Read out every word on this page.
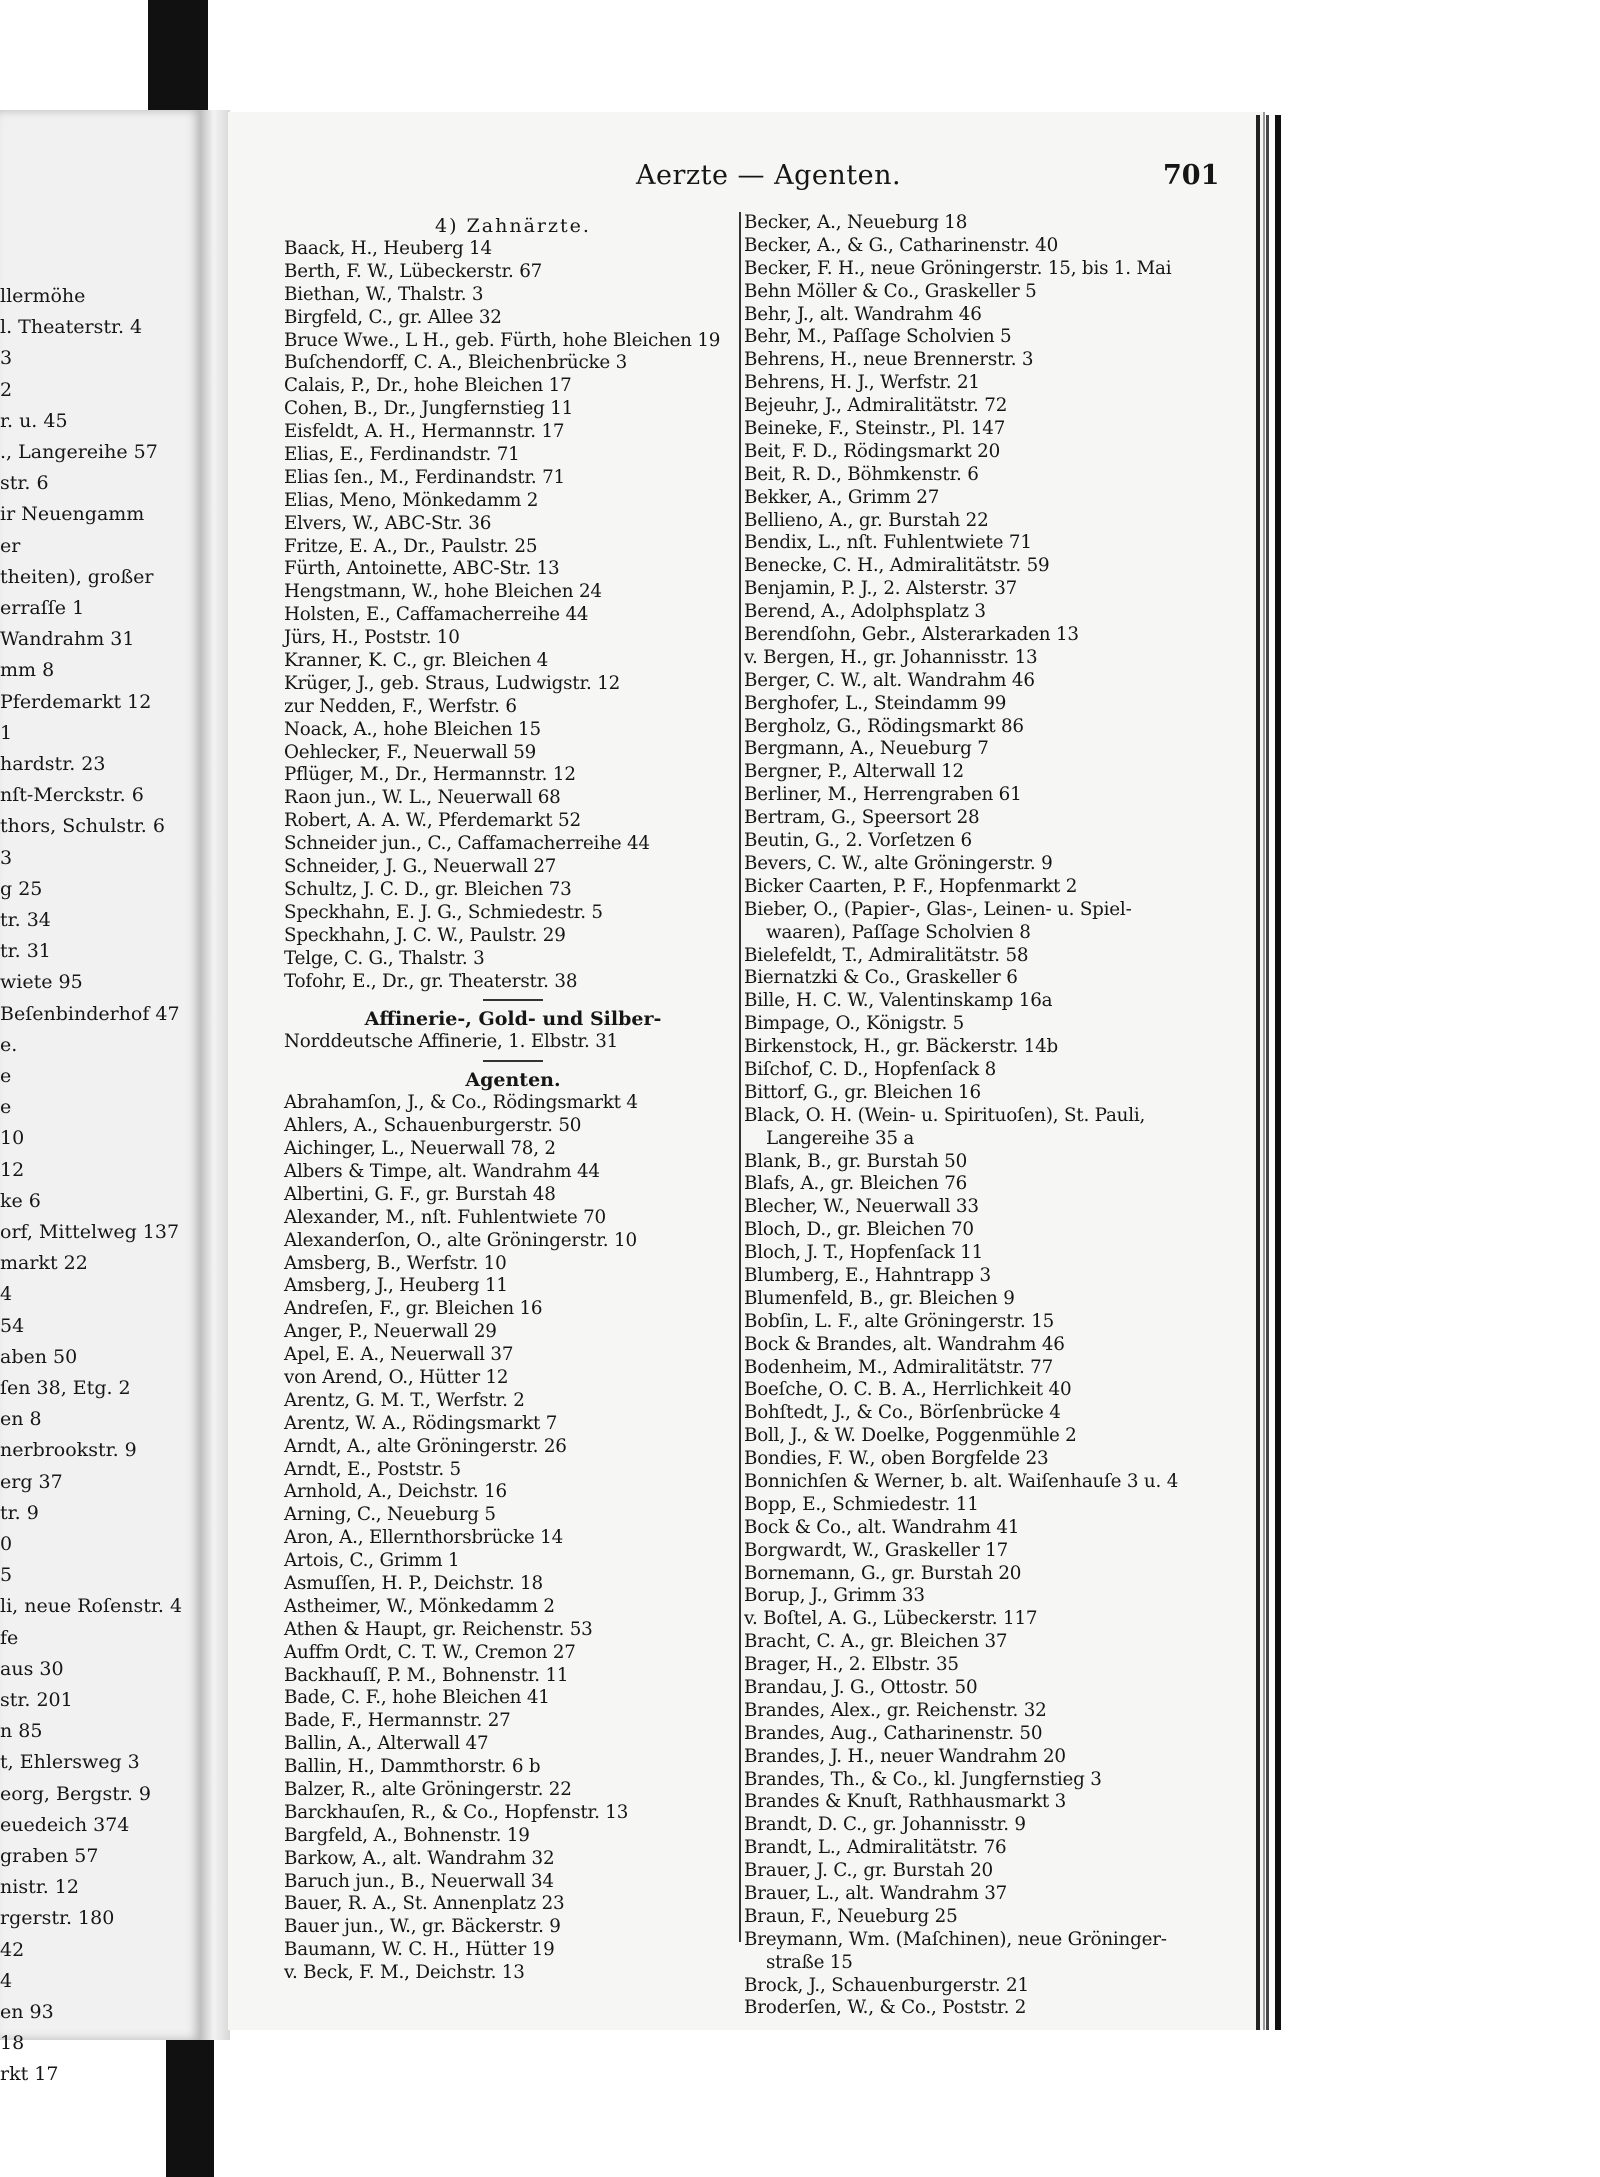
llermöhe
l. Theaterstr. 4
3
2
r. u. 45
., Langereihe 57
str. 6
ir Neuengamm
er
theiten), großer
erraſſe 1
Wandrahm 31
mm 8
Pferdemarkt 12
1
hardstr. 23
nſt-Merckstr. 6
thors, Schulstr. 6
3
g 25
tr. 34
tr. 31
wiete 95
Beſenbinderhof 47
e.
e
e
10
12
ke 6
orf, Mittelweg 137
markt 22
4
54
aben 50
ſen 38, Etg. 2
en 8
nerbrookstr. 9
erg 37
tr. 9
0
5
li, neue Roſenstr. 4
fe
aus 30
str. 201
n 85
t, Ehlersweg 3
eorg, Bergstr. 9
euedeich 374
graben 57
nistr. 12
rgerstr. 180
42
4
en 93
18
rkt 17
Aerzte — Agenten.	701
4) Zahnärzte.
Baack, H., Heuberg 14
Berth, F. W., Lübeckerstr. 67
Biethan, W., Thalstr. 3
Birgfeld, C., gr. Allee 32
Bruce Wwe., L H., geb. Fürth, hohe Bleichen 19
Buſchendorff, C. A., Bleichenbrücke 3
Calais, P., Dr., hohe Bleichen 17
Cohen, B., Dr., Jungfernstieg 11
Eisfeldt, A. H., Hermannstr. 17
Elias, E., Ferdinandstr. 71
Elias ſen., M., Ferdinandstr. 71
Elias, Meno, Mönkedamm 2
Elvers, W., ABC-Str. 36
Fritze, E. A., Dr., Paulstr. 25
Fürth, Antoinette, ABC-Str. 13
Hengstmann, W., hohe Bleichen 24
Holsten, E., Caffamacherreihe 44
Jürs, H., Poststr. 10
Kranner, K. C., gr. Bleichen 4
Krüger, J., geb. Straus, Ludwigstr. 12
zur Nedden, F., Werfstr. 6
Noack, A., hohe Bleichen 15
Oehlecker, F., Neuerwall 59
Pflüger, M., Dr., Hermannstr. 12
Raon jun., W. L., Neuerwall 68
Robert, A. A. W., Pferdemarkt 52
Schneider jun., C., Caffamacherreihe 44
Schneider, J. G., Neuerwall 27
Schultz, J. C. D., gr. Bleichen 73
Speckhahn, E. J. G., Schmiedestr. 5
Speckhahn, J. C. W., Paulstr. 29
Telge, C. G., Thalstr. 3
Tofohr, E., Dr., gr. Theaterstr. 38
Affinerie-, Gold- und Silber-
Norddeutsche Affinerie, 1. Elbstr. 31
Agenten.
Abrahamſon, J., & Co., Rödingsmarkt 4
Ahlers, A., Schauenburgerstr. 50
Aichinger, L., Neuerwall 78, 2
Albers & Timpe, alt. Wandrahm 44
Albertini, G. F., gr. Burstah 48
Alexander, M., nſt. Fuhlentwiete 70
Alexanderſon, O., alte Gröningerstr. 10
Amsberg, B., Werfstr. 10
Amsberg, J., Heuberg 11
Andreſen, F., gr. Bleichen 16
Anger, P., Neuerwall 29
Apel, E. A., Neuerwall 37
von Arend, O., Hütter 12
Arentz, G. M. T., Werfstr. 2
Arentz, W. A., Rödingsmarkt 7
Arndt, A., alte Gröningerstr. 26
Arndt, E., Poststr. 5
Arnhold, A., Deichstr. 16
Arning, C., Neueburg 5
Aron, A., Ellernthorsbrücke 14
Artois, C., Grimm 1
Asmuſſen, H. P., Deichstr. 18
Astheimer, W., Mönkedamm 2
Athen & Haupt, gr. Reichenstr. 53
Auffm Ordt, C. T. W., Cremon 27
Backhauſſ, P. M., Bohnenstr. 11
Bade, C. F., hohe Bleichen 41
Bade, F., Hermannstr. 27
Ballin, A., Alterwall 47
Ballin, H., Dammthorstr. 6 b
Balzer, R., alte Gröningerstr. 22
Barckhauſen, R., & Co., Hopfenstr. 13
Bargfeld, A., Bohnenstr. 19
Barkow, A., alt. Wandrahm 32
Baruch jun., B., Neuerwall 34
Bauer, R. A., St. Annenplatz 23
Bauer jun., W., gr. Bäckerstr. 9
Baumann, W. C. H., Hütter 19
v. Beck, F. M., Deichstr. 13
Becker, A., Neueburg 18
Becker, A., & G., Catharinenstr. 40
Becker, F. H., neue Gröningerstr. 15, bis 1. Mai
Behn Möller & Co., Graskeller 5
Behr, J., alt. Wandrahm 46
Behr, M., Paſſage Scholvien 5
Behrens, H., neue Brennerstr. 3
Behrens, H. J., Werfstr. 21
Bejeuhr, J., Admiralitätstr. 72
Beineke, F., Steinstr., Pl. 147
Beit, F. D., Rödingsmarkt 20
Beit, R. D., Böhmkenstr. 6
Bekker, A., Grimm 27
Bellieno, A., gr. Burstah 22
Bendix, L., nſt. Fuhlentwiete 71
Benecke, C. H., Admiralitätstr. 59
Benjamin, P. J., 2. Alsterstr. 37
Berend, A., Adolphsplatz 3
Berendſohn, Gebr., Alsterarkaden 13
v. Bergen, H., gr. Johannisstr. 13
Berger, C. W., alt. Wandrahm 46
Berghofer, L., Steindamm 99
Bergholz, G., Rödingsmarkt 86
Bergmann, A., Neueburg 7
Bergner, P., Alterwall 12
Berliner, M., Herrengraben 61
Bertram, G., Speersort 28
Beutin, G., 2. Vorſetzen 6
Bevers, C. W., alte Gröningerstr. 9
Bicker Caarten, P. F., Hopfenmarkt 2
Bieber, O., (Papier-, Glas-, Leinen- u. Spiel-
waaren), Paſſage Scholvien 8
Bielefeldt, T., Admiralitätstr. 58
Biernatzki & Co., Graskeller 6
Bille, H. C. W., Valentinskamp 16a
Bimpage, O., Königstr. 5
Birkenstock, H., gr. Bäckerstr. 14b
Biſchof, C. D., Hopfenſack 8
Bittorf, G., gr. Bleichen 16
Black, O. H. (Wein- u. Spirituoſen), St. Pauli,
Langereihe 35 a
Blank, B., gr. Burstah 50
Blafs, A., gr. Bleichen 76
Blecher, W., Neuerwall 33
Bloch, D., gr. Bleichen 70
Bloch, J. T., Hopfenſack 11
Blumberg, E., Hahntrapp 3
Blumenfeld, B., gr. Bleichen 9
Bobſin, L. F., alte Gröningerstr. 15
Bock & Brandes, alt. Wandrahm 46
Bodenheim, M., Admiralitätstr. 77
Boeſche, O. C. B. A., Herrlichkeit 40
Bohſtedt, J., & Co., Börſenbrücke 4
Boll, J., & W. Doelke, Poggenmühle 2
Bondies, F. W., oben Borgfelde 23
Bonnichſen & Werner, b. alt. Waiſenhauſe 3 u. 4
Bopp, E., Schmiedestr. 11
Bock & Co., alt. Wandrahm 41
Borgwardt, W., Graskeller 17
Bornemann, G., gr. Burstah 20
Borup, J., Grimm 33
v. Boſtel, A. G., Lübeckerstr. 117
Bracht, C. A., gr. Bleichen 37
Brager, H., 2. Elbstr. 35
Brandau, J. G., Ottostr. 50
Brandes, Alex., gr. Reichenstr. 32
Brandes, Aug., Catharinenstr. 50
Brandes, J. H., neuer Wandrahm 20
Brandes, Th., & Co., kl. Jungfernstieg 3
Brandes & Knuſt, Rathhausmarkt 3
Brandt, D. C., gr. Johannisstr. 9
Brandt, L., Admiralitätstr. 76
Brauer, J. C., gr. Burstah 20
Brauer, L., alt. Wandrahm 37
Braun, F., Neueburg 25
Breymann, Wm. (Maſchinen), neue Gröninger-
straße 15
Brock, J., Schauenburgerstr. 21
Broderſen, W., & Co., Poststr. 2
